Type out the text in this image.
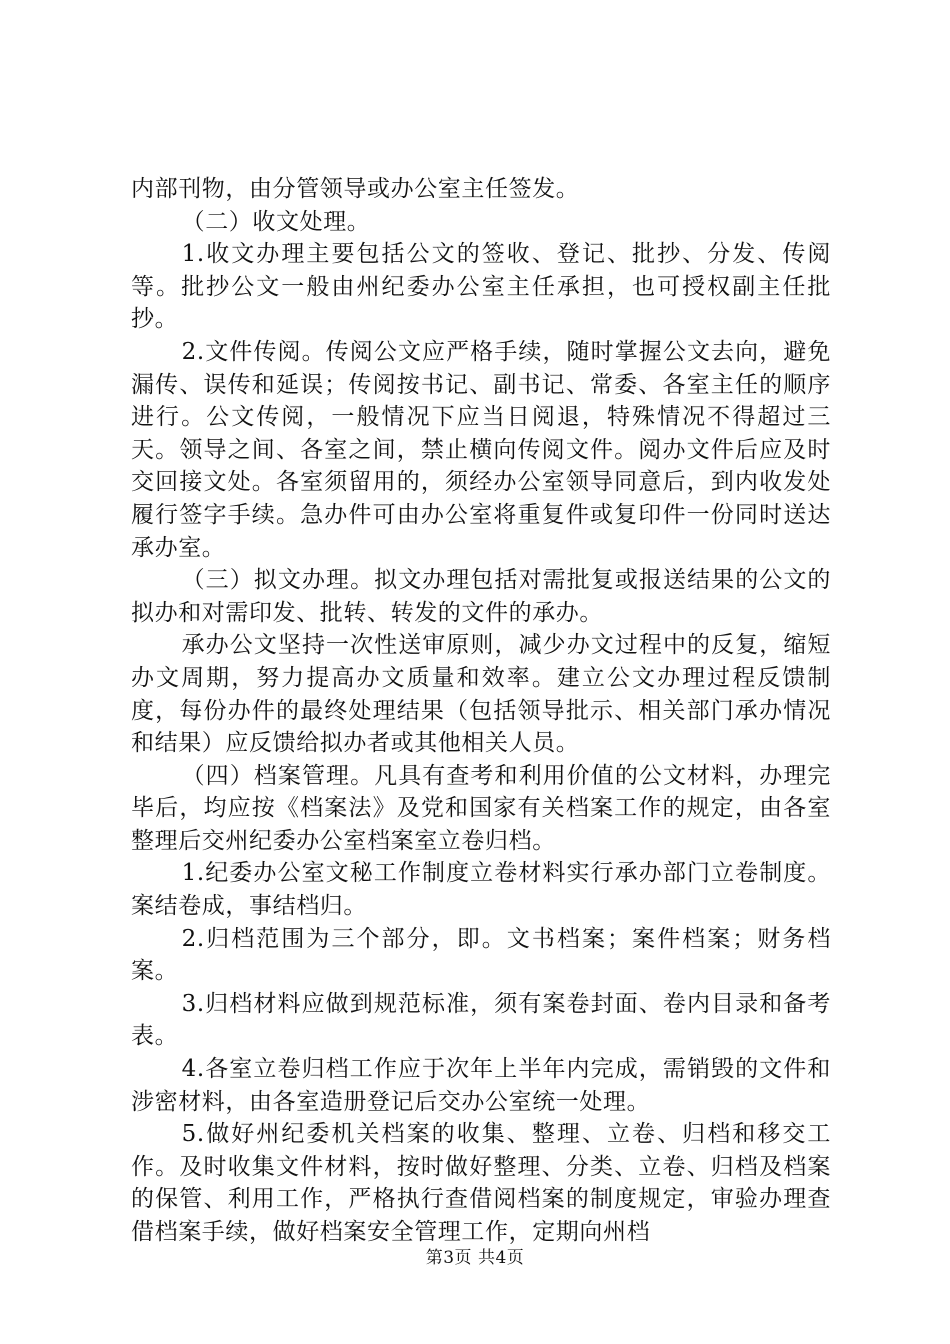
内部刊物，由分管领导或办公室主任签发。

（二）收文处理。

1.收文办理主要包括公文的签收、登记、批抄、分发、传阅等。批抄公文一般由州纪委办公室主任承担，也可授权副主任批抄。

2.文件传阅。传阅公文应严格手续，随时掌握公文去向，避免漏传、误传和延误；传阅按书记、副书记、常委、各室主任的顺序进行。公文传阅，一般情况下应当日阅退，特殊情况不得超过三天。领导之间、各室之间，禁止横向传阅文件。阅办文件后应及时交回接文处。各室须留用的，须经办公室领导同意后，到内收发处履行签字手续。急办件可由办公室将重复件或复印件一份同时送达承办室。

（三）拟文办理。拟文办理包括对需批复或报送结果的公文的拟办和对需印发、批转、转发的文件的承办。

承办公文坚持一次性送审原则，减少办文过程中的反复，缩短办文周期，努力提高办文质量和效率。建立公文办理过程反馈制度，每份办件的最终处理结果（包括领导批示、相关部门承办情况和结果）应反馈给拟办者或其他相关人员。

（四）档案管理。凡具有查考和利用价值的公文材料，办理完毕后，均应按《档案法》及党和国家有关档案工作的规定，由各室整理后交州纪委办公室档案室立卷归档。

1.纪委办公室文秘工作制度立卷材料实行承办部门立卷制度。案结卷成，事结档归。

2.归档范围为三个部分，即。文书档案；案件档案；财务档案。

3.归档材料应做到规范标准，须有案卷封面、卷内目录和备考表。

4.各室立卷归档工作应于次年上半年内完成，需销毁的文件和涉密材料，由各室造册登记后交办公室统一处理。

5.做好州纪委机关档案的收集、整理、立卷、归档和移交工作。及时收集文件材料，按时做好整理、分类、立卷、归档及档案的保管、利用工作，严格执行查借阅档案的制度规定，审验办理查借档案手续，做好档案安全管理工作，定期向州档

第3页 共4页
